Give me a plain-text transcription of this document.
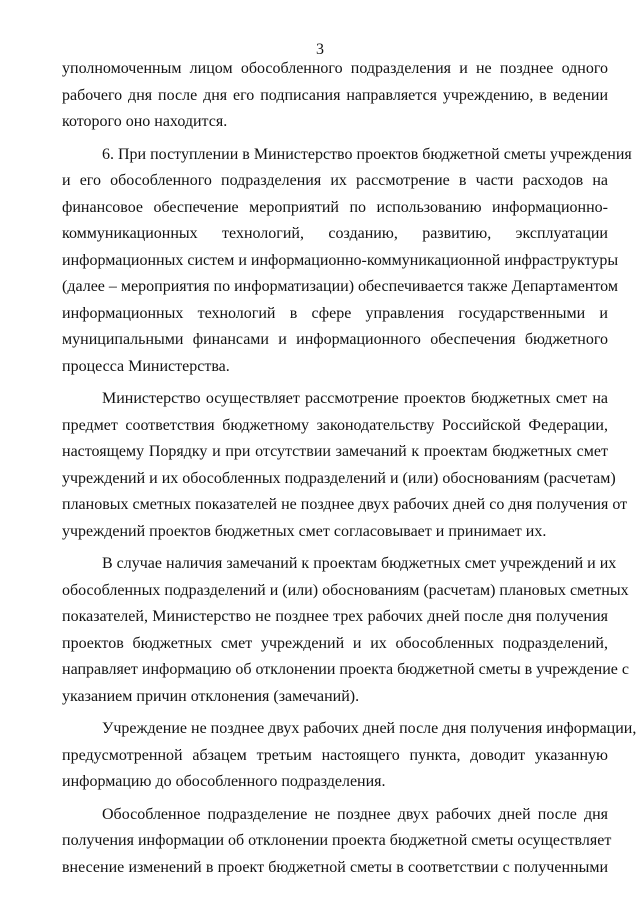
3
уполномоченным лицом обособленного подразделения и не позднее одного
рабочего дня после дня его подписания направляется учреждению, в ведении
которого оно находится.
6. При поступлении в Министерство проектов бюджетной сметы учреждения
и его обособленного подразделения их рассмотрение в части расходов на
финансовое обеспечение мероприятий по использованию информационно-
коммуникационных технологий, созданию, развитию, эксплуатации
информационных систем и информационно-коммуникационной инфраструктуры
(далее – мероприятия по информатизации) обеспечивается также Департаментом
информационных технологий в сфере управления государственными и
муниципальными финансами и информационного обеспечения бюджетного
процесса Министерства.
Министерство осуществляет рассмотрение проектов бюджетных смет на
предмет соответствия бюджетному законодательству Российской Федерации,
настоящему Порядку и при отсутствии замечаний к проектам бюджетных смет
учреждений и их обособленных подразделений и (или) обоснованиям (расчетам)
плановых сметных показателей не позднее двух рабочих дней со дня получения от
учреждений проектов бюджетных смет согласовывает и принимает их.
В случае наличия замечаний к проектам бюджетных смет учреждений и их
обособленных подразделений и (или) обоснованиям (расчетам) плановых сметных
показателей, Министерство не позднее трех рабочих дней после дня получения
проектов бюджетных смет учреждений и их обособленных подразделений,
направляет информацию об отклонении проекта бюджетной сметы в учреждение с
указанием причин отклонения (замечаний).
Учреждение не позднее двух рабочих дней после дня получения информации,
предусмотренной абзацем третьим настоящего пункта, доводит указанную
информацию до обособленного подразделения.
Обособленное подразделение не позднее двух рабочих дней после дня
получения информации об отклонении проекта бюджетной сметы осуществляет
внесение изменений в проект бюджетной сметы в соответствии с полученными
